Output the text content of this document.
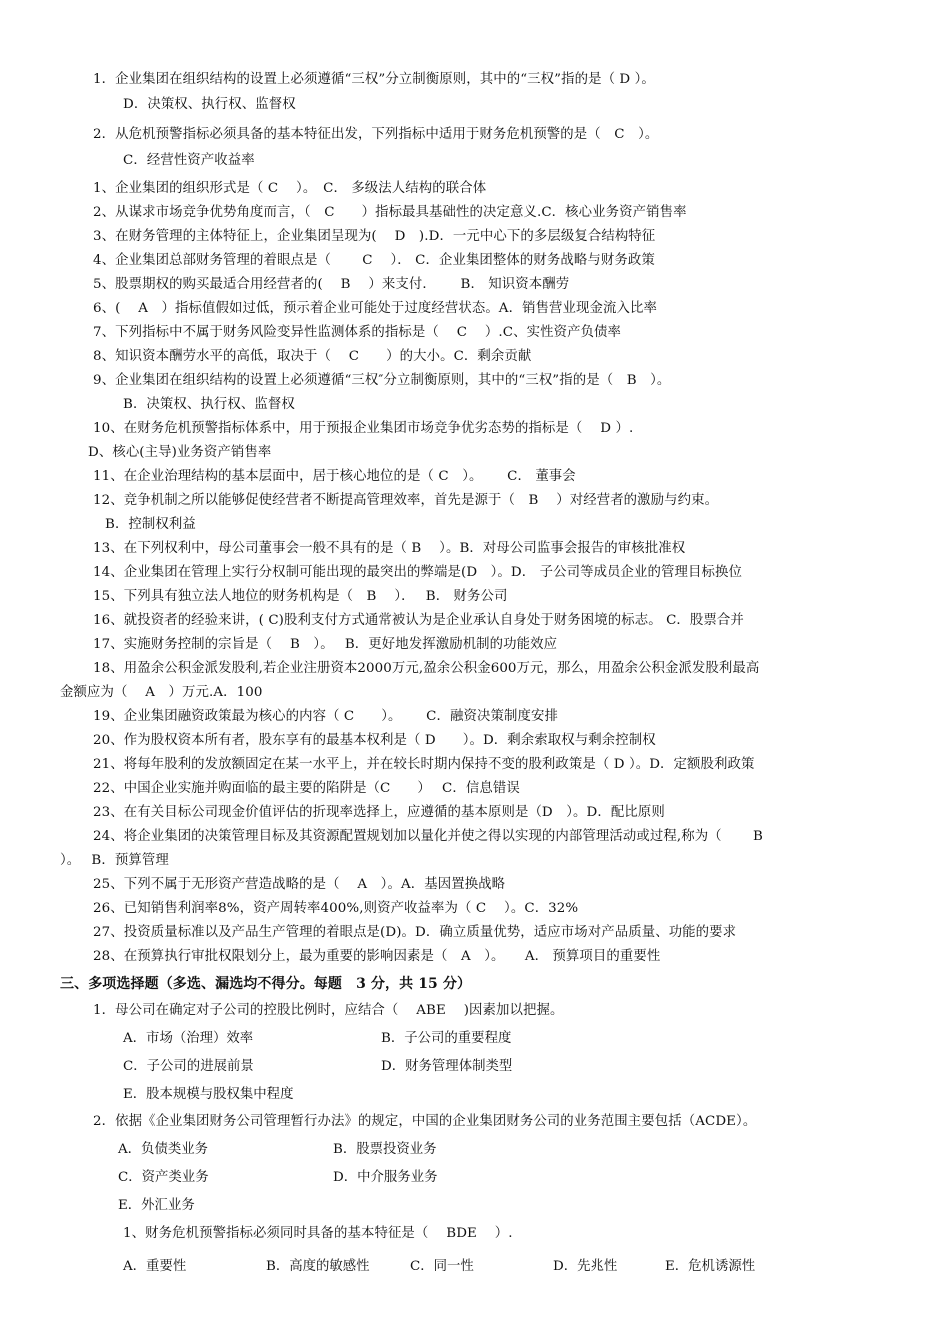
1．企业集团在组织结构的设置上必须遵循“三权”分立制衡原则，其中的“三权”指的是（ D ）。
D．决策权、执行权、监督权
2．从危机预警指标必须具备的基本特征出发，下列指标中适用于财务危机预警的是（　C　）。
C．经营性资产收益率
1、企业集团的组织形式是（ C　 ）。　C． 多级法人结构的联合体
2、从谋求市场竞争优势角度而言，（　C　　）指标最具基础性的决定意义.C．核心业务资产销售率
3、在财务管理的主体特征上，企业集团呈现为(　 D　).D．一元中心下的多层级复合结构特征
4、企业集团总部财务管理的着眼点是（　　 C　 ）． C．企业集团整体的财务战略与财务政策
5、股票期权的购买最适合用经营者的(　 B　 ）来支付．　　 B． 知识资本酬劳
6、(　 A　）指标值假如过低，预示着企业可能处于过度经营状态。A．销售营业现金流入比率
7、下列指标中不属于财务风险变异性监测体系的指标是（　 C　 ）.C、实性资产负债率
8、知识资本酬劳水平的高低，取决于（　 C　　）的大小。C．剩余贡献
9、企业集团在组织结构的设置上必须遵循“三权″分立制衡原则，其中的“三权”指的是（　B　）。
B．决策权、执行权、监督权
10、在财务危机预警指标体系中，用于预报企业集团市场竞争优劣态势的指标是（　 D ）.
D、核心(主导)业务资产销售率
11、在企业治理结构的基本层面中，居于核心地位的是（ C　）。　　 C． 董事会
12、竞争机制之所以能够促使经营者不断提高管理效率，首先是源于（　B　 ）对经营者的激励与约束。
B．控制权利益
13、在下列权利中，母公司董事会一般不具有的是（ B　 ）。B．对母公司监事会报告的审核批准权
14、企业集团在管理上实行分权制可能出现的最突出的弊端是(D　）。D． 子公司等成员企业的管理目标换位
15、下列具有独立法人地位的财务机构是（　B　 ）．　 B． 财务公司
16、就投资者的经验来讲，( C)股利支付方式通常被认为是企业承认自身处于财务困境的标志。 C．股票合并
17、实施财务控制的宗旨是（　 B　）。　 B．更好地发挥激励机制的功能效应
18、用盈余公积金派发股利,若企业注册资本2000万元,盈余公积金600万元，那么，用盈余公积金派发股利最高
金额应为（　 A　）万元.A．100
19、企业集团融资政策最为核心的内容（ C　　）。　　 C．融资决策制度安排
20、作为股权资本所有者，股东享有的最基本权利是（ D　　）。D．剩余索取权与剩余控制权
21、将每年股利的发放额固定在某一水平上，并在较长时期内保持不变的股利政策是（ D ）。D．定额股利政策
22、中国企业实施并购面临的最主要的陷阱是（C　　）　 C．信息错误
23、在有关目标公司现金价值评估的折现率选择上，应遵循的基本原则是（D　）。D．配比原则
24、将企业集团的决策管理目标及其资源配置规划加以量化并使之得以实现的内部管理活动或过程,称为（　　 B
）。　 B．预算管理
25、下列不属于无形资产营造战略的是（　 A　）。A．基因置换战略
26、已知销售利润率8%，资产周转率400%,则资产收益率为（ C　 ）。C．32%
27、投资质量标准以及产品生产管理的着眼点是(D)。D．确立质量优势，适应市场对产品质量、功能的要求
28、在预算执行审批权限划分上，最为重要的影响因素是（　A　）。　　A． 预算项目的重要性
三、多项选择题（多选、漏选均不得分。每题　3 分，共 15 分）
1．母公司在确定对子公司的控股比例时，应结合（　 ABE　 )因素加以把握。
A．市场（治理）效率	B．子公司的重要程度
C．子公司的进展前景	D．财务管理体制类型
E．股本规模与股权集中程度
2．依据《企业集团财务公司管理暂行办法》的规定，中国的企业集团财务公司的业务范围主要包括（ACDE）。
A．负债类业务	B．股票投资业务
C．资产类业务	D．中介服务业务
E．外汇业务
1、财务危机预警指标必须同时具备的基本特征是（　 BDE　 ）.
A．重要性	B．高度的敏感性	C．同一性	D．先兆性	E．危机诱源性
